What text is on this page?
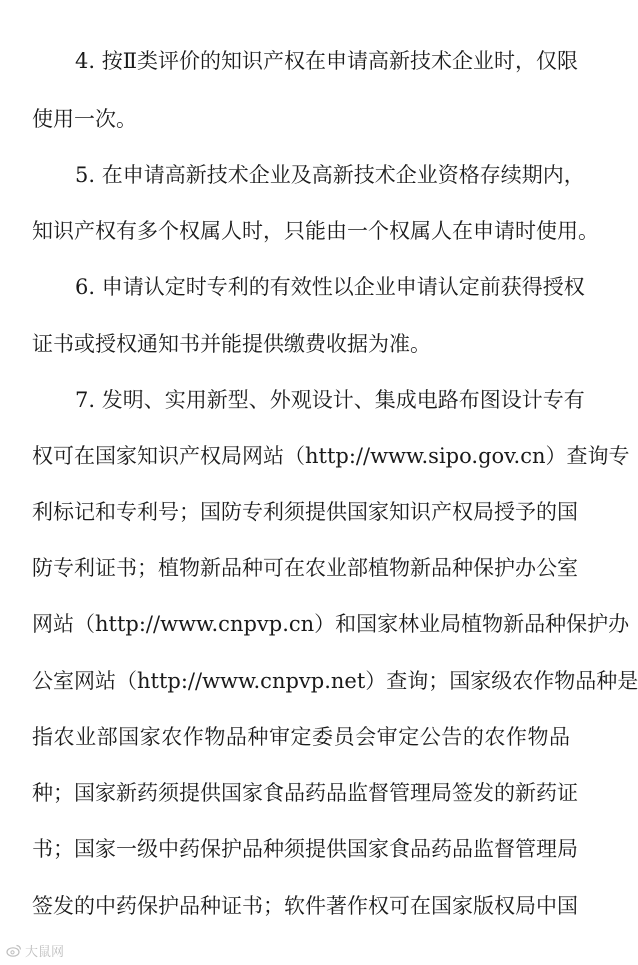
4. 按Ⅱ类评价的知识产权在申请高新技术企业时，仅限
使用一次。
5. 在申请高新技术企业及高新技术企业资格存续期内，
知识产权有多个权属人时，只能由一个权属人在申请时使用。
6. 申请认定时专利的有效性以企业申请认定前获得授权
证书或授权通知书并能提供缴费收据为准。
7. 发明、实用新型、外观设计、集成电路布图设计专有
权可在国家知识产权局网站（http://www.sipo.gov.cn）查询专
利标记和专利号；国防专利须提供国家知识产权局授予的国
防专利证书；植物新品种可在农业部植物新品种保护办公室
网站（http://www.cnpvp.cn）和国家林业局植物新品种保护办
公室网站（http://www.cnpvp.net）查询；国家级农作物品种是
指农业部国家农作物品种审定委员会审定公告的农作物品
种；国家新药须提供国家食品药品监督管理局签发的新药证
书；国家一级中药保护品种须提供国家食品药品监督管理局
签发的中药保护品种证书；软件著作权可在国家版权局中国
大鼠网
